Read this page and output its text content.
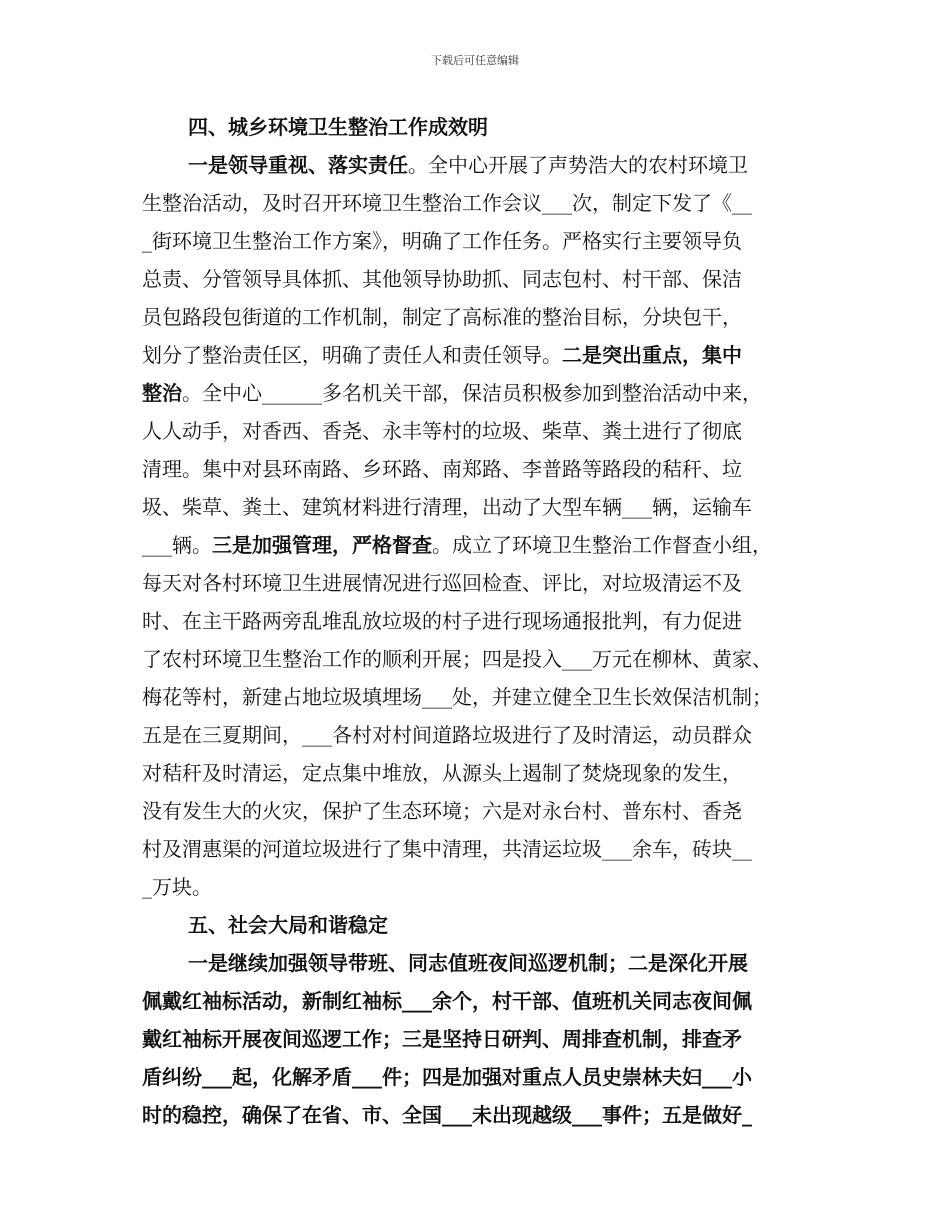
下载后可任意编辑
四、城乡环境卫生整治工作成效明
一是领导重视、落实责任。全中心开展了声势浩大的农村环境卫
生整治活动，及时召开环境卫生整治工作会议___次，制定下发了《__
_街环境卫生整治工作方案》，明确了工作任务。严格实行主要领导负
总责、分管领导具体抓、其他领导协助抓、同志包村、村干部、保洁
员包路段包街道的工作机制，制定了高标准的整治目标，分块包干，
划分了整治责任区，明确了责任人和责任领导。二是突出重点，集中
整治。全中心______多名机关干部，保洁员积极参加到整治活动中来，
人人动手，对香西、香尧、永丰等村的垃圾、柴草、粪土进行了彻底
清理。集中对县环南路、乡环路、南郑路、李普路等路段的秸秆、垃
圾、柴草、粪土、建筑材料进行清理，出动了大型车辆___辆，运输车
___辆。三是加强管理，严格督查。成立了环境卫生整治工作督查小组，
每天对各村环境卫生进展情况进行巡回检查、评比，对垃圾清运不及
时、在主干路两旁乱堆乱放垃圾的村子进行现场通报批判，有力促进
了农村环境卫生整治工作的顺利开展；四是投入___万元在柳林、黄家、
梅花等村，新建占地垃圾填埋场___处，并建立健全卫生长效保洁机制；
五是在三夏期间，___各村对村间道路垃圾进行了及时清运，动员群众
对秸秆及时清运，定点集中堆放，从源头上遏制了焚烧现象的发生，
没有发生大的火灾，保护了生态环境；六是对永台村、普东村、香尧
村及渭惠渠的河道垃圾进行了集中清理，共清运垃圾___余车，砖块__
_万块。
五、社会大局和谐稳定
一是继续加强领导带班、同志值班夜间巡逻机制；二是深化开展
佩戴红袖标活动，新制红袖标___余个，村干部、值班机关同志夜间佩
戴红袖标开展夜间巡逻工作；三是坚持日研判、周排查机制，排查矛
盾纠纷___起，化解矛盾___件；四是加强对重点人员史崇林夫妇___小
时的稳控，确保了在省、市、全国___未出现越级___事件；五是做好_
